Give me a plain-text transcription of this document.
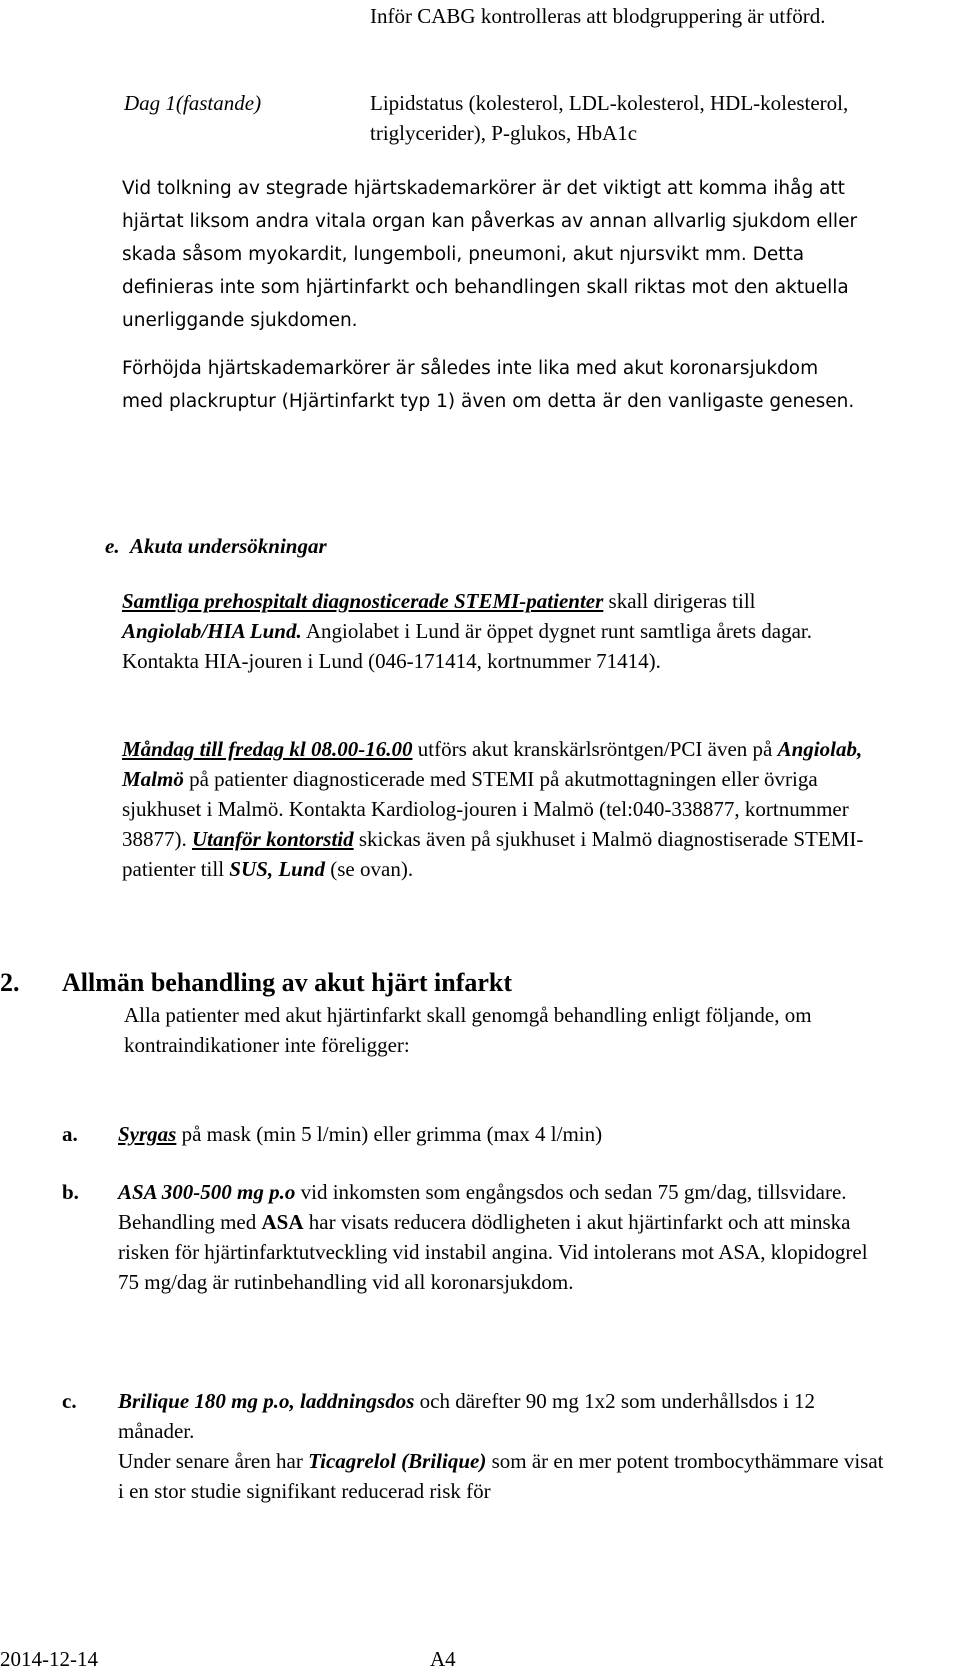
Inför CABG kontrolleras att blodgruppering är utförd.
Dag 1(fastande)	Lipidstatus (kolesterol, LDL-kolesterol, HDL-kolesterol, triglycerider), P-glukos, HbA1c

Vid tolkning av stegrade hjärtskademarkörer är det viktigt att komma ihåg att hjärtat liksom andra vitala organ kan påverkas av annan allvarlig sjukdom eller skada såsom myokardit, lungemboli, pneumoni, akut njursvikt mm. Detta definieras inte som hjärtinfarkt och behandlingen skall riktas mot den aktuella unerliggande sjukdomen.

Förhöjda hjärtskademarkörer är således inte lika med akut koronarsjukdom med plackruptur (Hjärtinfarkt typ 1) även om detta är den vanligaste genesen.

e. Akuta undersökningar

Samtliga prehospitalt diagnosticerade STEMI-patienter skall dirigeras till Angiolab/HIA Lund. Angiolabet i Lund är öppet dygnet runt samtliga årets dagar. Kontakta HIA-jouren i Lund (046-171414, kortnummer 71414).

Måndag till fredag kl 08.00-16.00 utförs akut kranskärlsröntgen/PCI även på Angiolab, Malmö på patienter diagnosticerade med STEMI på akutmottagningen eller övriga sjukhuset i Malmö. Kontakta Kardiolog-jouren i Malmö (tel:040-338877, kortnummer 38877). Utanför kontorstid skickas även på sjukhuset i Malmö diagnostiserade STEMI-patienter till SUS, Lund (se ovan).

2. Allmän behandling av akut hjärt infarkt

Alla patienter med akut hjärtinfarkt skall genomgå behandling enligt följande, om kontraindikationer inte föreligger:

a. Syrgas på mask (min 5 l/min) eller grimma (max 4 l/min)

b. ASA 300-500 mg p.o vid inkomsten som engångsdos och sedan 75 gm/dag, tillsvidare. Behandling med ASA har visats reducera dödligheten i akut hjärtinfarkt och att minska risken för hjärtinfarktutveckling vid instabil angina. Vid intolerans mot ASA, klopidogrel 75 mg/dag är rutinbehandling vid all koronarsjukdom.

c. Brilique 180 mg p.o, laddningsdos och därefter 90 mg 1x2 som underhållsdos i 12 månader.

Under senare åren har Ticagrelol (Brilique) som är en mer potent trombocythämmare visat i en stor studie signifikant reducerad risk för

2014-12-14	A4
